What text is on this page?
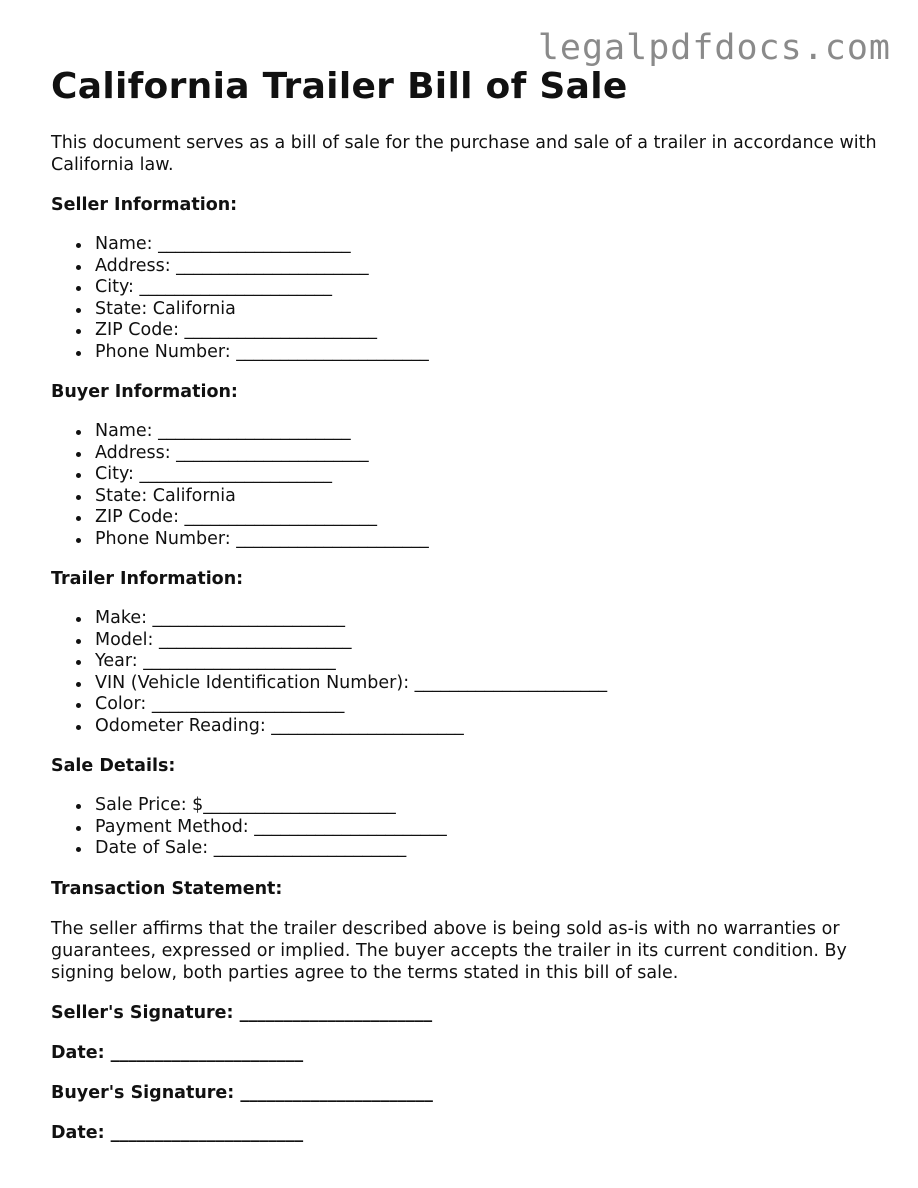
legalpdfdocs.com
California Trailer Bill of Sale

This document serves as a bill of sale for the purchase and sale of a trailer in accordance with California law.

Seller Information:

Name: ______________________
Address: ______________________
City: ______________________
State: California
ZIP Code: ______________________
Phone Number: ______________________

Buyer Information:

Name: ______________________
Address: ______________________
City: ______________________
State: California
ZIP Code: ______________________
Phone Number: ______________________

Trailer Information:

Make: ______________________
Model: ______________________
Year: ______________________
VIN (Vehicle Identification Number): ______________________
Color: ______________________
Odometer Reading: ______________________

Sale Details:

Sale Price: $______________________
Payment Method: ______________________
Date of Sale: ______________________

Transaction Statement:

The seller affirms that the trailer described above is being sold as-is with no warranties or guarantees, expressed or implied. The buyer accepts the trailer in its current condition. By signing below, both parties agree to the terms stated in this bill of sale.

Seller's Signature: ______________________

Date: ______________________

Buyer's Signature: ______________________

Date: ______________________
